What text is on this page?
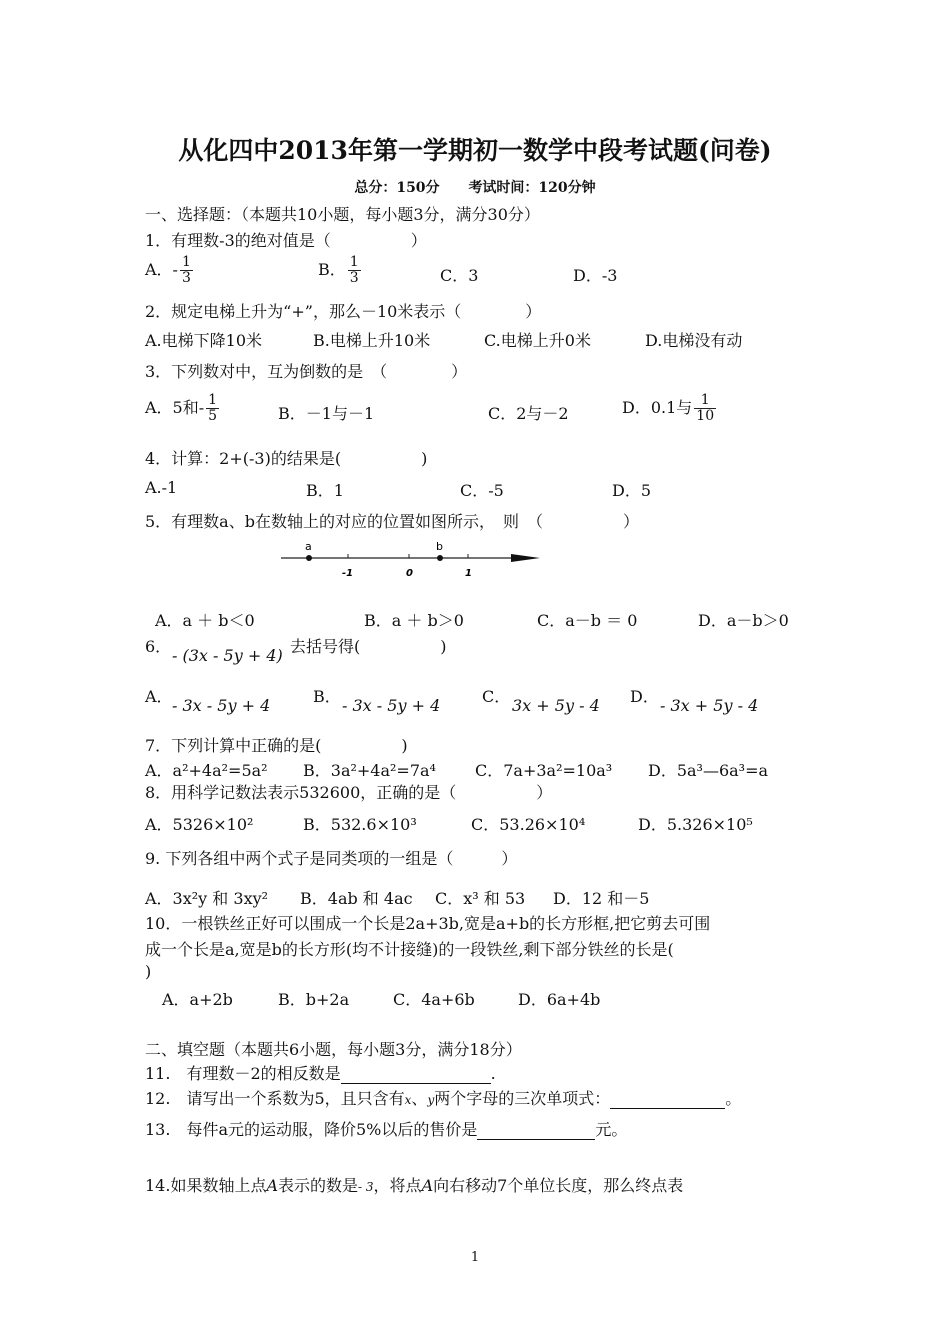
从化四中2013年第一学期初一数学中段考试题(问卷)
总分：150分 考试时间：120分钟
一、选择题：（本题共10小题，每小题3分，满分30分）
1．有理数-3的绝对值是（　　　　　）
A．- $\frac{1}{3}$	B． $\frac{1}{3}$	C．3	D．-3
2．规定电梯上升为“+”，那么－10米表示（　　　　）
A.电梯下降10米	B.电梯上升10米	C.电梯上升0米	D.电梯没有动
3．下列数对中，互为倒数的是　（　　　　）
A．5和- $\frac{1}{5}$	B．－1与－1	C．2与－2	D．0.1与 $\frac{1}{10}$
4．计算：2+(-3)的结果是(　　　　　)
A.-1	B．1	C．-5	D．5
5．有理数a、b在数轴上的对应的位置如图所示，　则　（　　　　　）
a	b
-1	0	1
A．a ＋ b＜0	B．a ＋ b＞0	C．a－b ＝ 0	D．a－b＞0
6． - (3x - 5y + 4) 去括号得(　　　　　)
A． - 3x - 5y + 4	B． - 3x - 5y + 4	C． 3x + 5y - 4 D． - 3x + 5y - 4
7．下列计算中正确的是(　　　　　)
A．a²+4a²=5a² B．3a²+4a²=7a⁴ C．7a+3a²=10a³ D．5a³—6a³=a
8．用科学记数法表示532600，正确的是（　　　　　）
A．5326×10²	B．532.6×10³	C．53.26×10⁴	D．5.326×10⁵
9. 下列各组中两个式子是同类项的一组是（　　　）
A．3x²y 和 3xy² B．4ab 和 4ac C．x³ 和 53 D．12 和－5
10．一根铁丝正好可以围成一个长是2a+3b,宽是a+b的长方形框,把它剪去可围
成一个长是a,宽是b的长方形(均不计接缝)的一段铁丝,剩下部分铁丝的长是(
)
A．a+2b	B．b+2a	C．4a+6b	D．6a+4b
二、填空题（本题共6小题，每小题3分，满分18分）
11.　有理数－2的相反数是	.
12.　请写出一个系数为5，且只含有x、y两个字母的三次单项式：	。
13.　每件a元的运动服，降价5%以后的售价是	元。
14.如果数轴上点A表示的数是- 3，将点A向右移动7个单位长度，那么终点表
1
